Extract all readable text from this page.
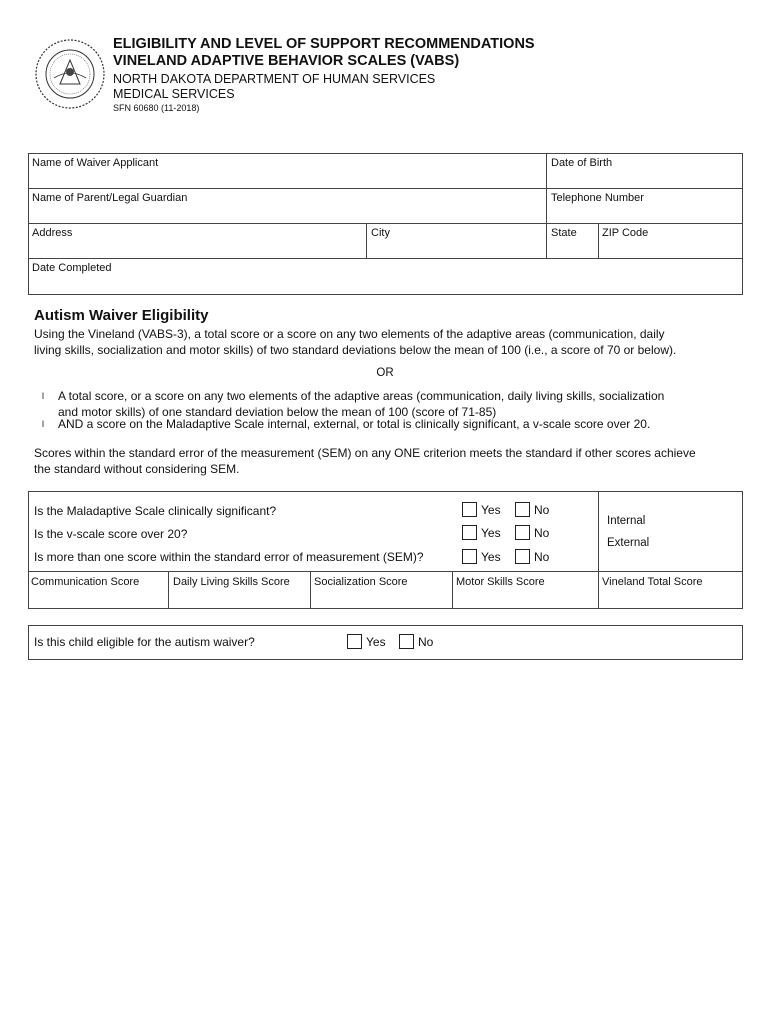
ELIGIBILITY AND LEVEL OF SUPPORT RECOMMENDATIONS
VINELAND ADAPTIVE BEHAVIOR SCALES (VABS)
NORTH DAKOTA DEPARTMENT OF HUMAN SERVICES
MEDICAL SERVICES
SFN 60680 (11-2018)
Name of Waiver Applicant	Date of Birth
Name of Parent/Legal Guardian	Telephone Number
Address	City	State	ZIP Code
Date Completed
Autism Waiver Eligibility
Using the Vineland (VABS-3), a total score or a score on any two elements of the adaptive areas (communication, daily
living skills, socialization and motor skills) of two standard deviations below the mean of 100 (i.e., a score of 70 or below).
OR
l A total score, or a score on any two elements of the adaptive areas (communication, daily living skills, socialization
and motor skills) of one standard deviation below the mean of 100 (score of 71-85)
l AND a score on the Maladaptive Scale internal, external, or total is clinically significant, a v-scale score over 20.
Scores within the standard error of the measurement (SEM) on any ONE criterion meets the standard if other scores achieve
the standard without considering SEM.
Is the Maladaptive Scale clinically significant?	Yes	No
Is the v-scale score over 20?	Yes	No
Is more than one score within the standard error of measurement (SEM)?	Yes	No
Internal
External
Communication Score	Daily Living Skills Score	Socialization Score	Motor Skills Score	Vineland Total Score
Is this child eligible for the autism waiver?	Yes	No
